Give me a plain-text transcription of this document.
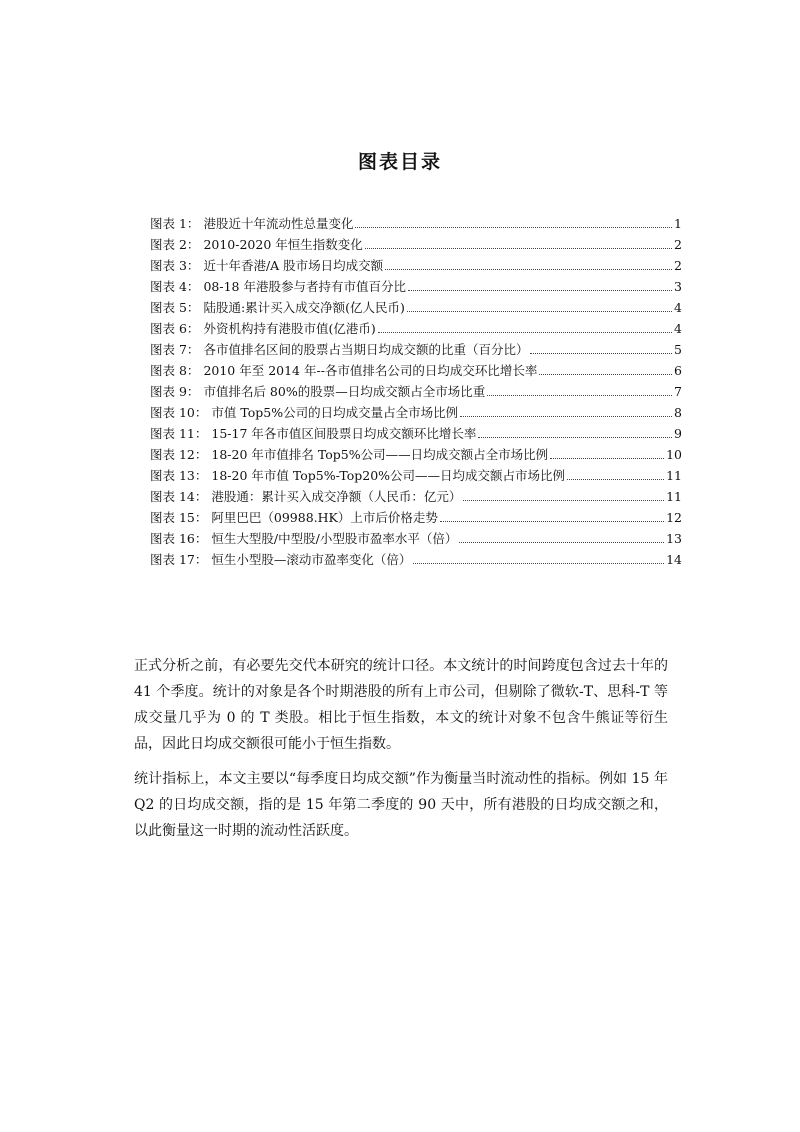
图表目录
图表 1： 港股近十年流动性总量变化	1
图表 2： 2010-2020 年恒生指数变化	2
图表 3： 近十年香港/A 股市场日均成交额	2
图表 4： 08-18 年港股参与者持有市值百分比	3
图表 5： 陆股通:累计买入成交净额(亿人民币)	4
图表 6： 外资机构持有港股市值(亿港币)	4
图表 7： 各市值排名区间的股票占当期日均成交额的比重（百分比）	5
图表 8： 2010 年至 2014 年--各市值排名公司的日均成交环比增长率	6
图表 9： 市值排名后 80%的股票—日均成交额占全市场比重	7
图表 10： 市值 Top5%公司的日均成交量占全市场比例	8
图表 11： 15-17 年各市值区间股票日均成交额环比增长率	9
图表 12： 18-20 年市值排名 Top5%公司——日均成交额占全市场比例	10
图表 13： 18-20 年市值 Top5%-Top20%公司——日均成交额占市场比例	11
图表 14： 港股通：累计买入成交净额（人民币：亿元）	11
图表 15： 阿里巴巴（09988.HK）上市后价格走势	12
图表 16： 恒生大型股/中型股/小型股市盈率水平（倍）	13
图表 17： 恒生小型股—滚动市盈率变化（倍）	14
正式分析之前，有必要先交代本研究的统计口径。本文统计的时间跨度包含过去十年的 41 个季度。统计的对象是各个时期港股的所有上市公司，但剔除了微软-T、思科-T 等成交量几乎为 0 的 T 类股。相比于恒生指数，本文的统计对象不包含牛熊证等衍生品，因此日均成交额很可能小于恒生指数。
统计指标上，本文主要以“每季度日均成交额”作为衡量当时流动性的指标。例如 15 年 Q2 的日均成交额，指的是 15 年第二季度的 90 天中，所有港股的日均成交额之和，以此衡量这一时期的流动性活跃度。
